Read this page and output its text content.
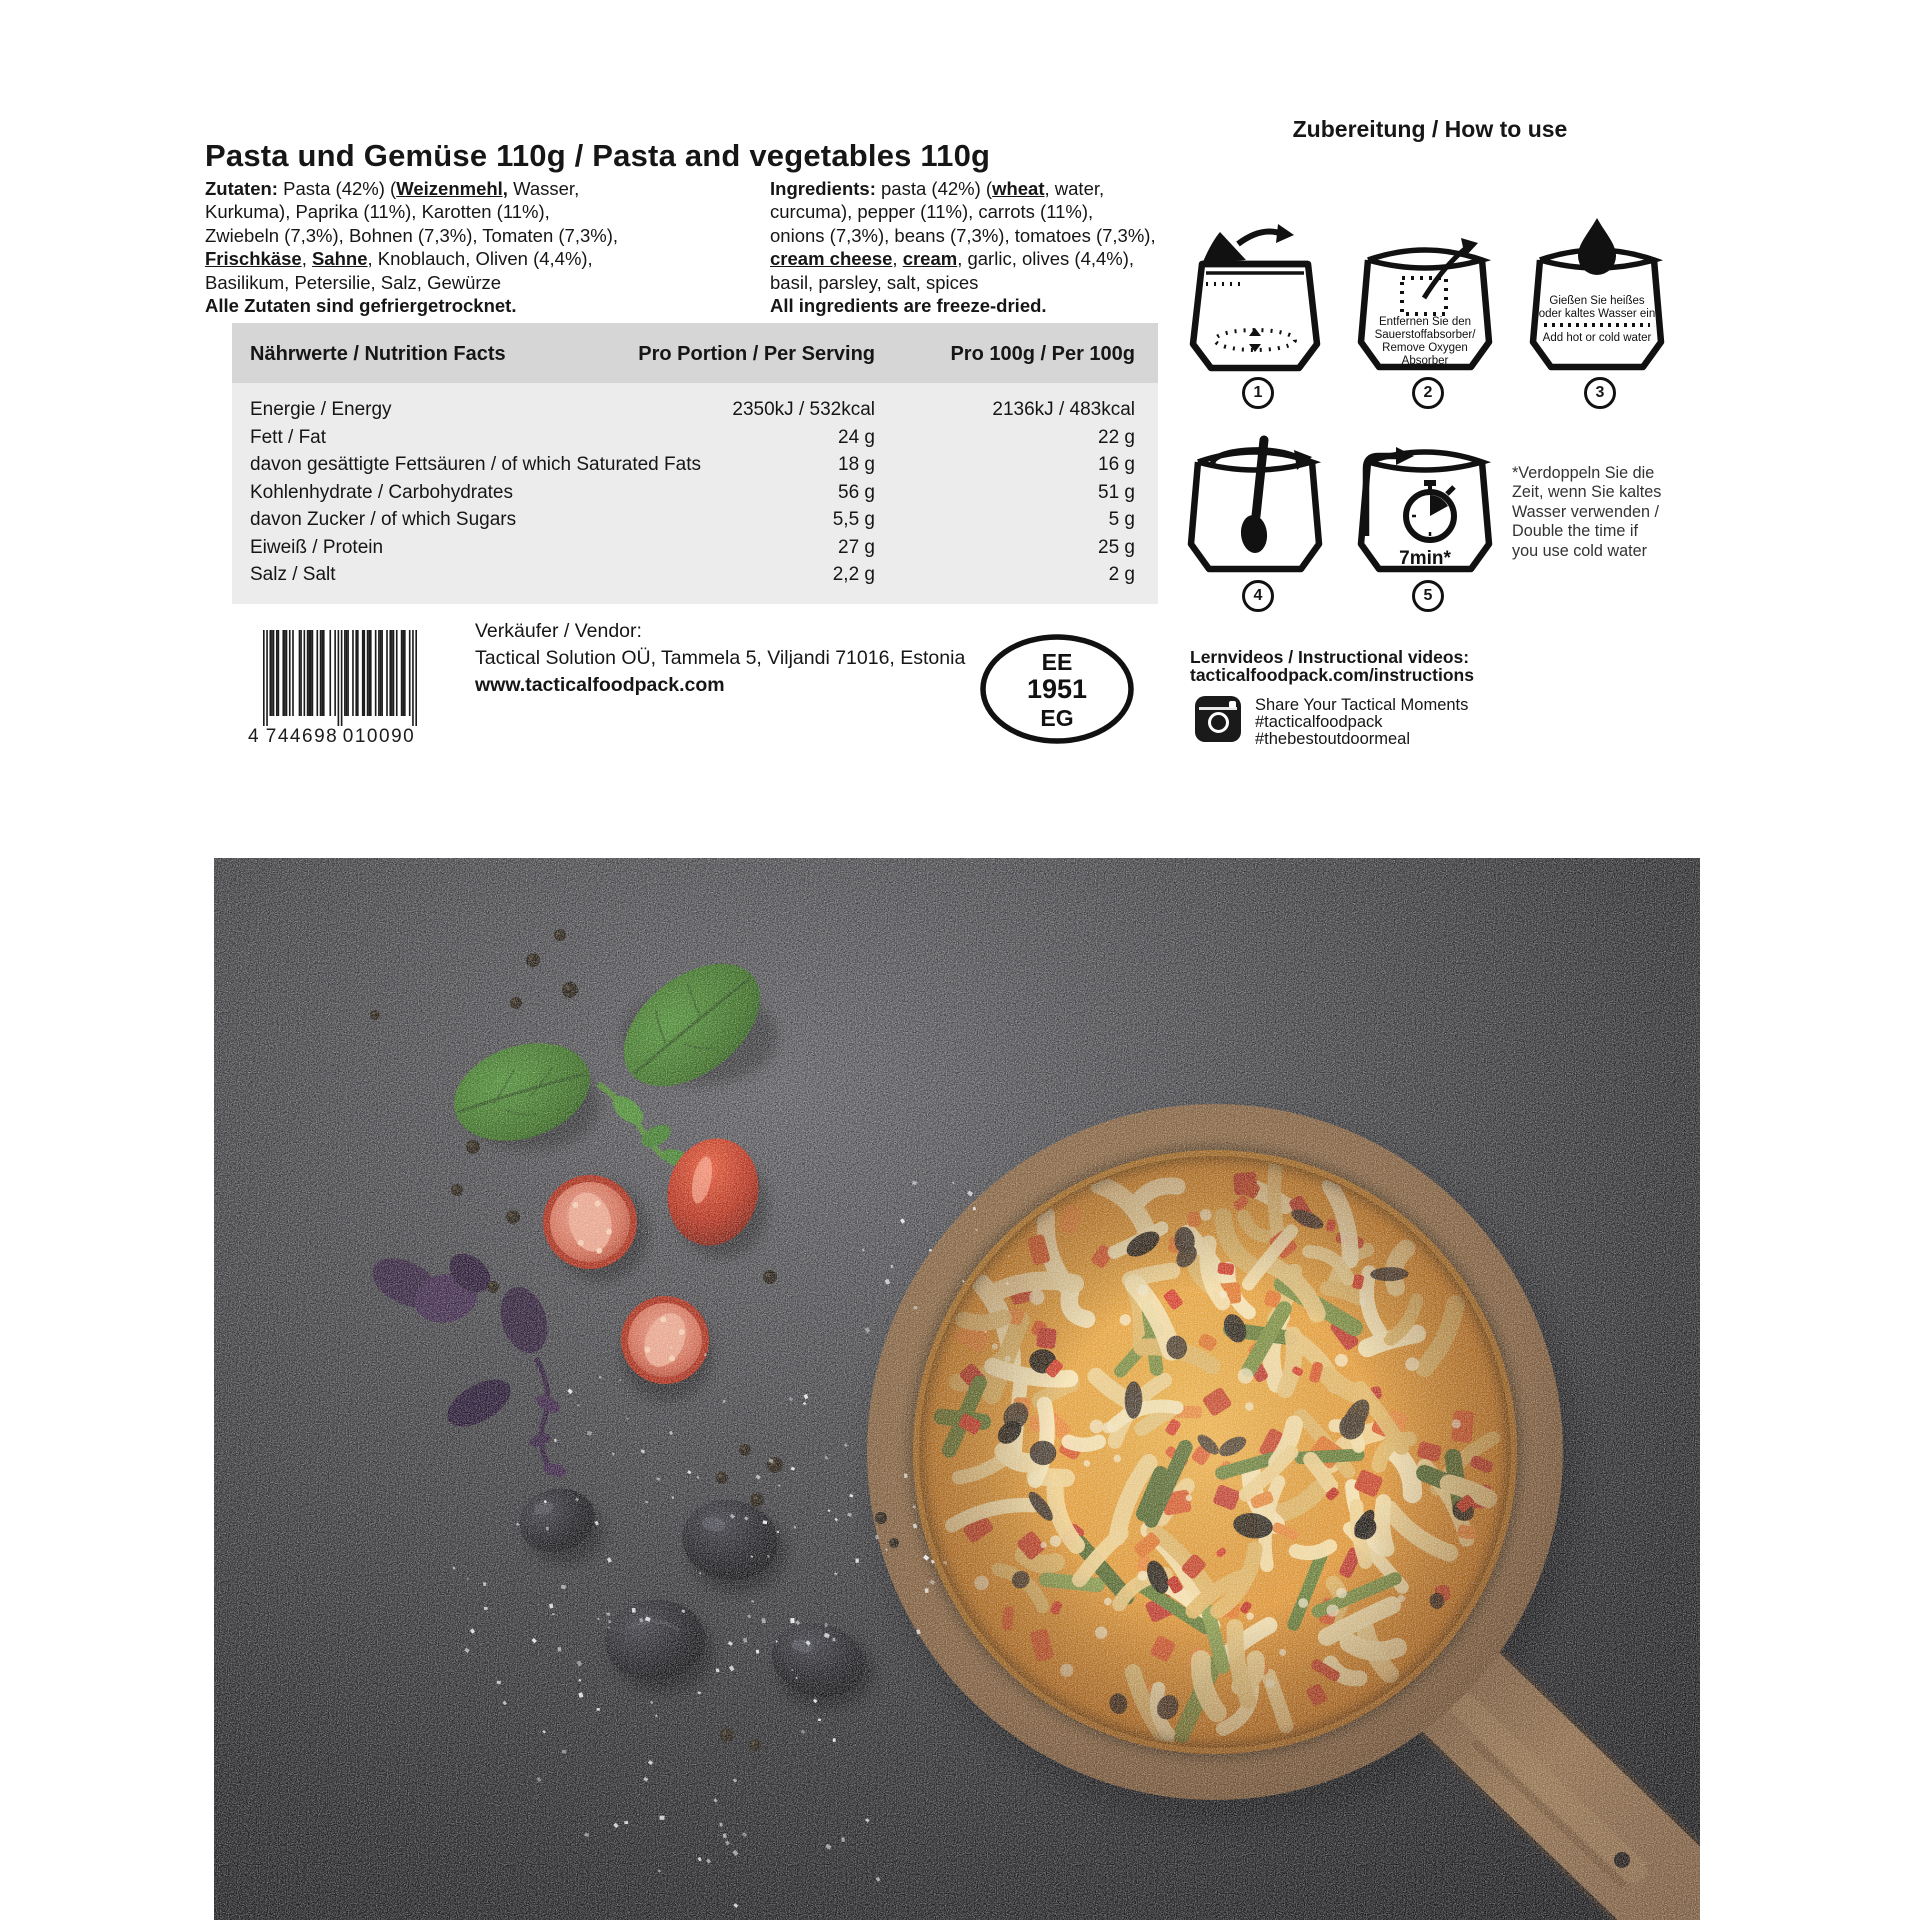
Pasta und Gemüse 110g / Pasta and vegetables 110g
Zutaten: Pasta (42%) (Weizenmehl, Wasser,
Kurkuma), Paprika (11%), Karotten (11%),
Zwiebeln (7,3%), Bohnen (7,3%), Tomaten (7,3%),
Frischkäse, Sahne, Knoblauch, Oliven (4,4%),
Basilikum, Petersilie, Salz, Gewürze
Alle Zutaten sind gefriergetrocknet.
Ingredients: pasta (42%) (wheat, water,
curcuma), pepper (11%), carrots (11%),
onions (7,3%), beans (7,3%), tomatoes (7,3%),
cream cheese, cream, garlic, olives (4,4%),
basil, parsley, salt, spices
All ingredients are freeze-dried.
Nährwerte / Nutrition Facts	Pro Portion / Per Serving	Pro 100g / Per 100g
Energie / Energy	2350kJ / 532kcal	2136kJ / 483kcal
Fett / Fat	24 g	22 g
davon gesättigte Fettsäuren / of which Saturated Fats	18 g	16 g
Kohlenhydrate / Carbohydrates	56 g	51 g
davon Zucker / of which Sugars	5,5 g	5 g
Eiweiß / Protein	27 g	25 g
Salz / Salt	2,2 g	2 g
4 744698 010090
Verkäufer / Vendor:
Tactical Solution OÜ, Tammela 5, Viljandi 71016, Estonia
www.tacticalfoodpack.com
EE
1951
EG
Lernvideos / Instructional videos:
tacticalfoodpack.com/instructions
Share Your Tactical Moments
#tacticalfoodpack
#thebestoutdoormeal
Zubereitung / How to use
Entfernen Sie den
Sauerstoffabsorber/
Remove Oxygen
Absorber
300
ml
Gießen Sie heißes
oder kaltes Wasser ein
Add hot or cold water
7min*
1	2	3
4	5
*Verdoppeln Sie die
Zeit, wenn Sie kaltes
Wasser verwenden /
Double the time if
you use cold water
